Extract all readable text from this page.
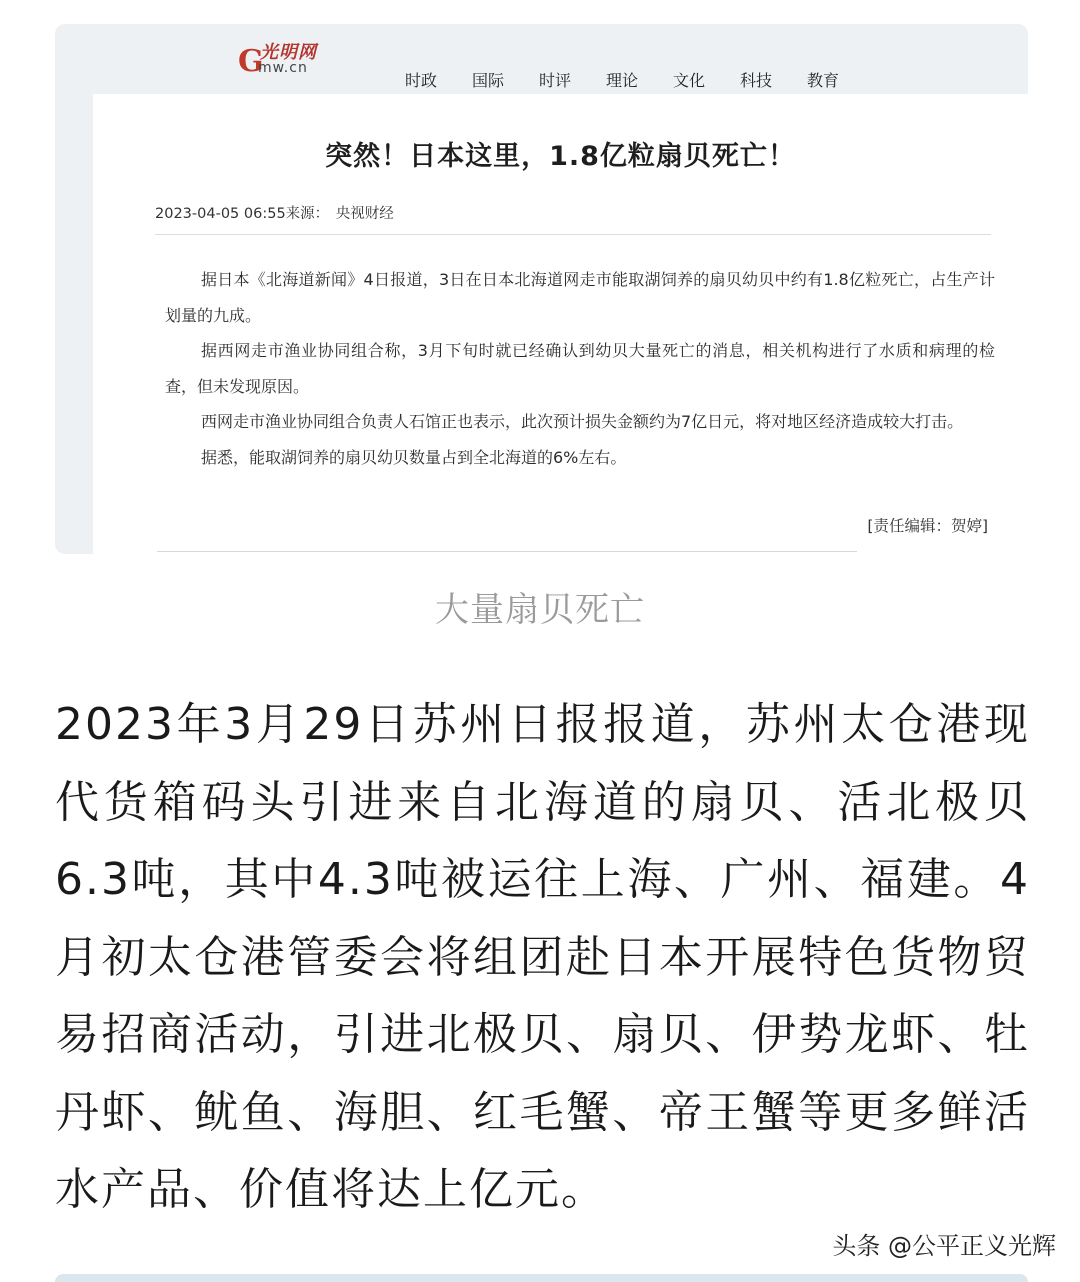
G
光明网
mw.cn
时政	国际	时评	理论	文化	科技	教育
突然！日本这里，1.8亿粒扇贝死亡！
2023-04-05 06:55来源： 央视财经

据日本《北海道新闻》4日报道，3日在日本北海道网走市能取湖饲养的扇贝幼贝中约有1.8亿粒死亡，占生产计划量的九成。

据西网走市渔业协同组合称，3月下旬时就已经确认到幼贝大量死亡的消息，相关机构进行了水质和病理的检查，但未发现原因。

西网走市渔业协同组合负责人石馆正也表示，此次预计损失金额约为7亿日元，将对地区经济造成较大打击。

据悉，能取湖饲养的扇贝幼贝数量占到全北海道的6%左右。

[责任编辑：贺婷]
大量扇贝死亡
2023年3月29日苏州日报报道，苏州太仓港现代货箱码头引进来自北海道的扇贝、活北极贝6.3吨，其中4.3吨被运往上海、广州、福建。4月初太仓港管委会将组团赴日本开展特色货物贸易招商活动，引进北极贝、扇贝、伊势龙虾、牡丹虾、鱿鱼、海胆、红毛蟹、帝王蟹等更多鲜活水产品、价值将达上亿元。
头条 @公平正义光辉
